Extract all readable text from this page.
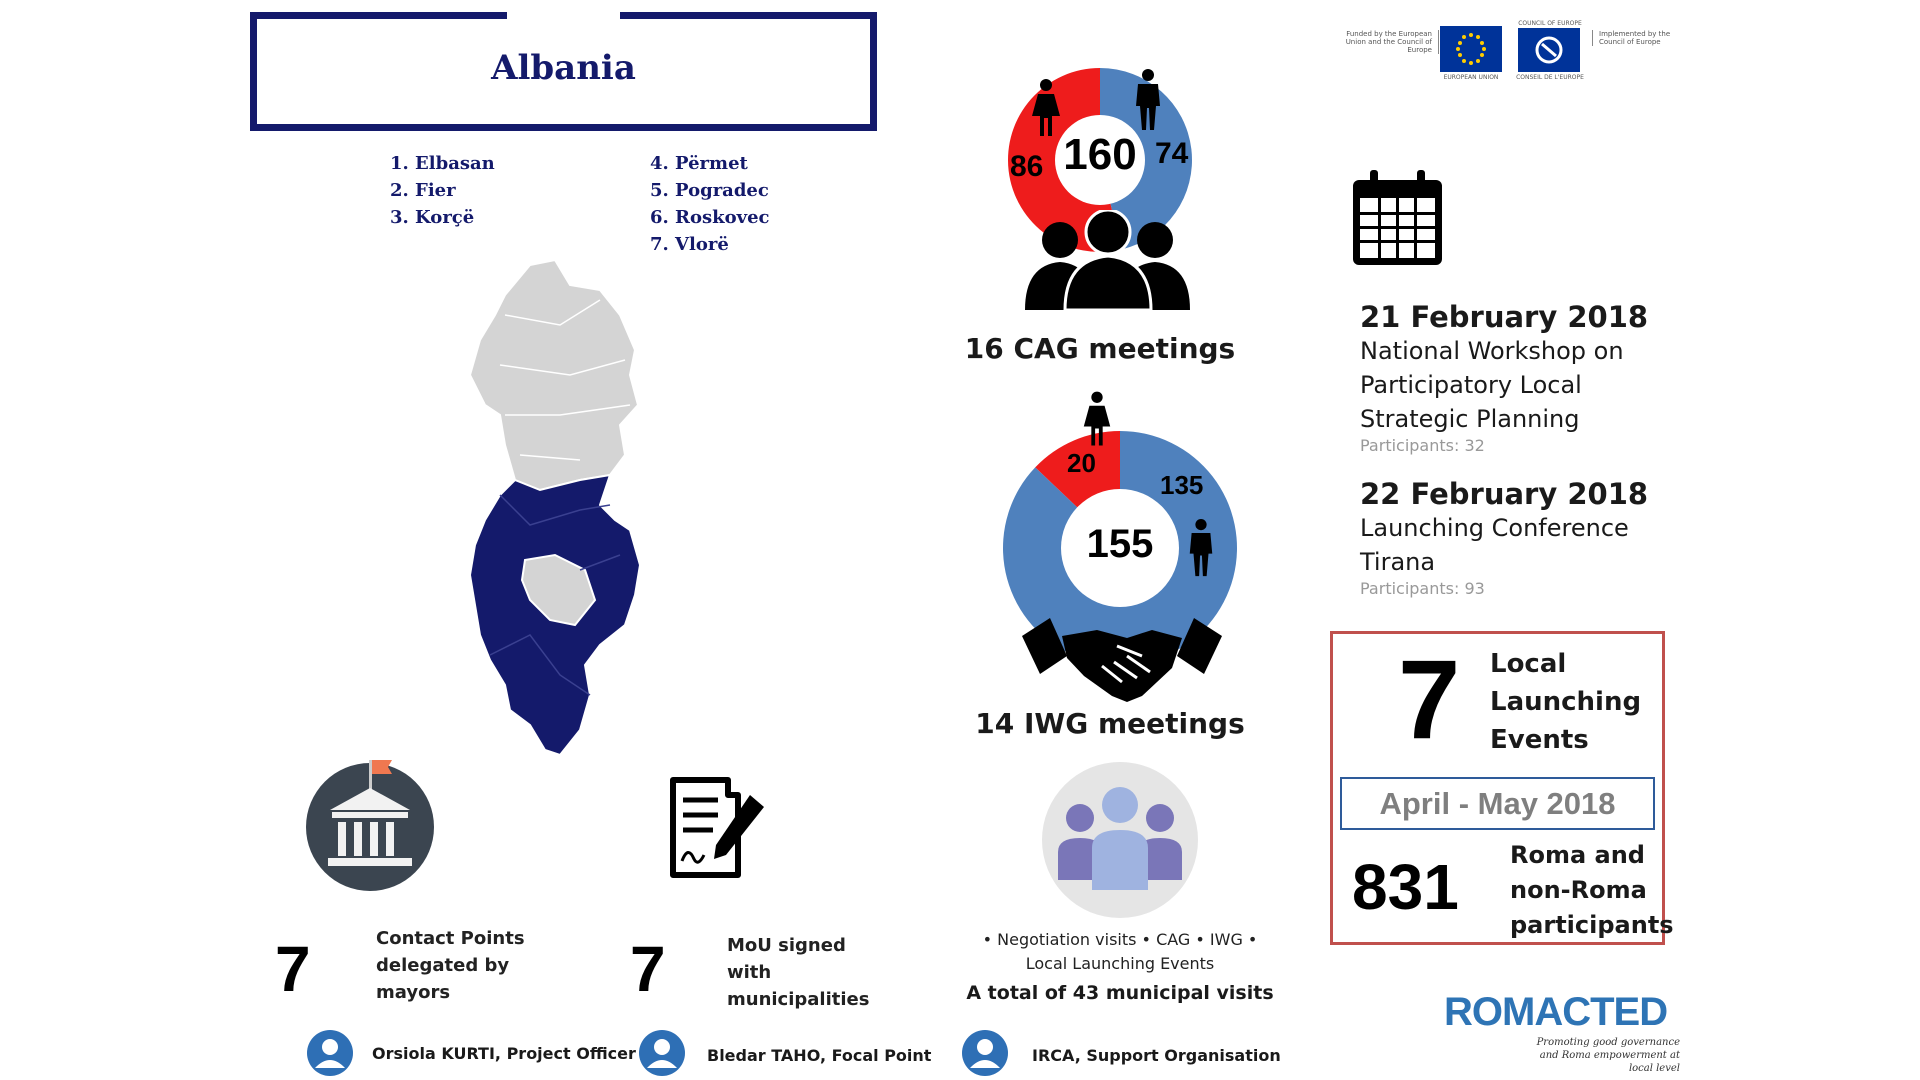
Albania
1. Elbasan
2. Fier
3. Korçë
4. Përmet
5. Pogradec
6. Roskovec
7. Vlorë
Funded by the European Union and the Council of Europe
EUROPEAN UNION
COUNCIL OF EUROPE
CONSEIL DE L'EUROPE
Implemented by the Council of Europe
160
86	74
16 CAG meetings
155
20
135
14 IWG meetings
• Negotiation visits • CAG • IWG •
Local Launching Events
A total of 43 municipal visits
21 February 2018
National Workshop on
Participatory Local
Strategic Planning
Participants: 32
22 February 2018
Launching Conference
Tirana
Participants: 93
7 Local
Launching
Events
April - May 2018
831 Roma and
non-Roma
participants
ROMACTED
Promoting good governance and Roma empowerment at local level
7	Contact Points
delegated by
mayors	7	MoU signed
with
municipalities
Orsiola KURTI, Project Officer	Bledar TAHO, Focal Point	IRCA, Support Organisation
